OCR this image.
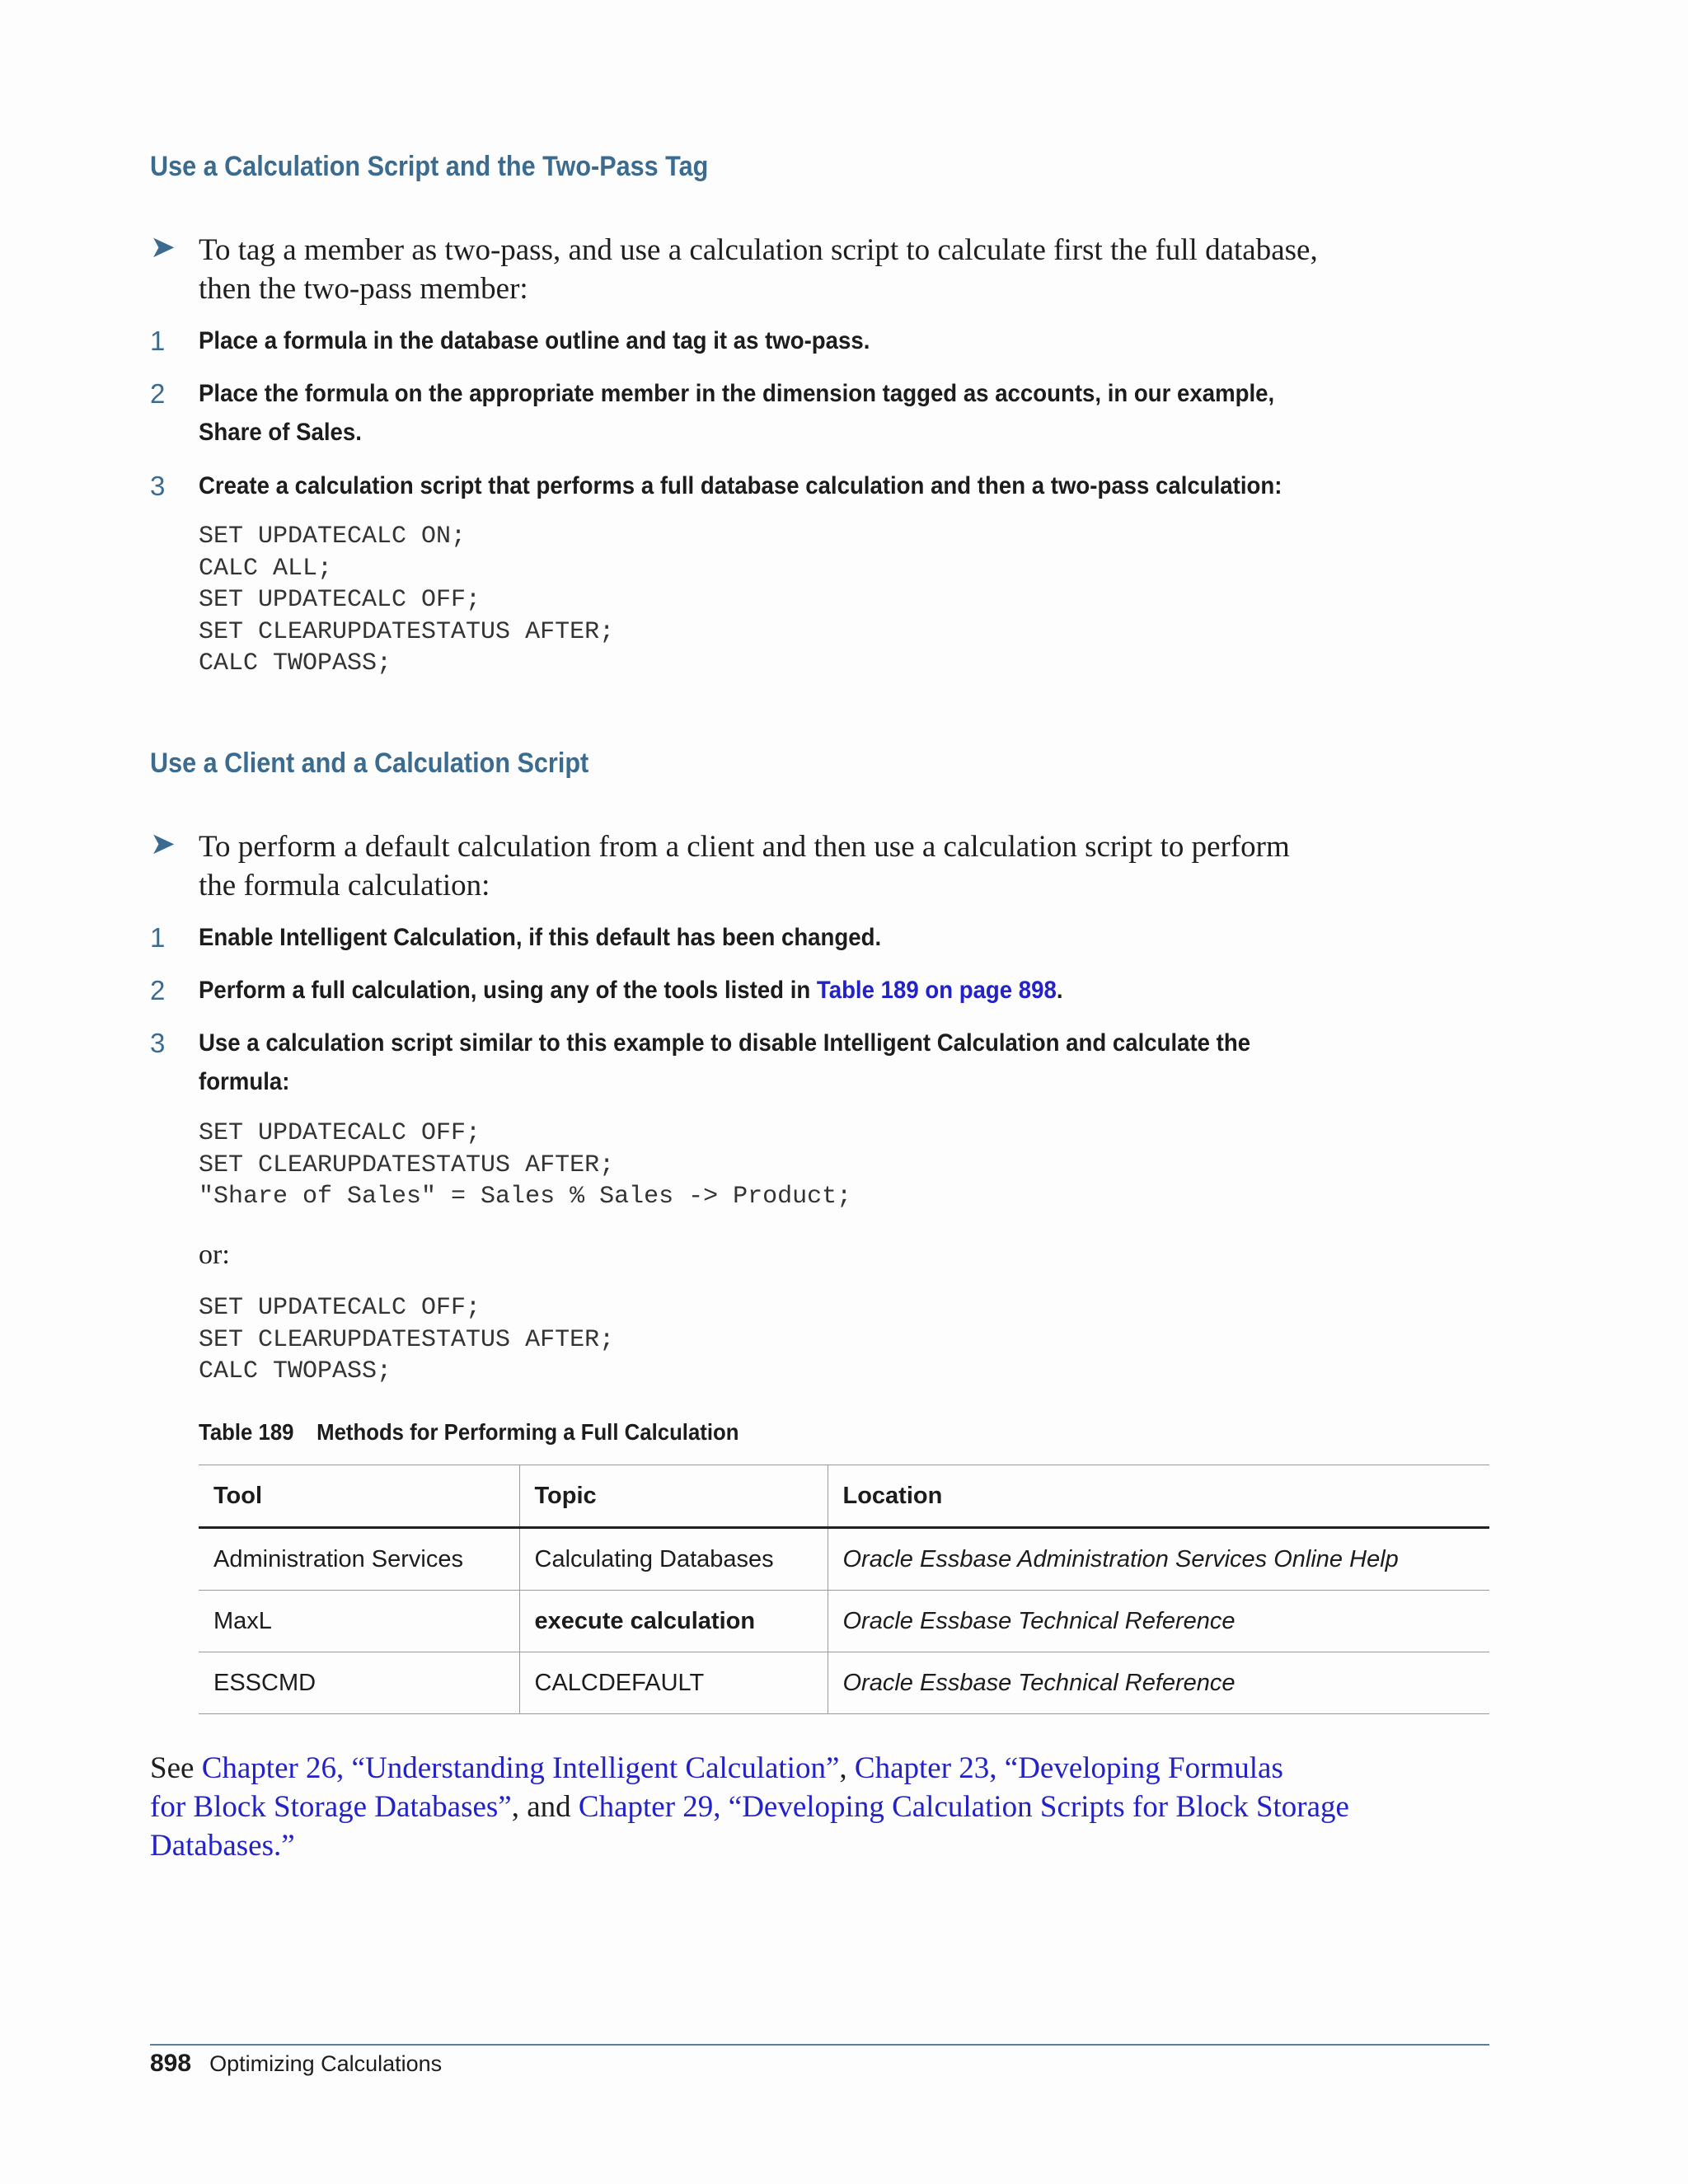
Use a Calculation Script and the Two-Pass Tag
➤ To tag a member as two-pass, and use a calculation script to calculate first the full database,
then the two-pass member:
1 Place a formula in the database outline and tag it as two-pass.
2 Place the formula on the appropriate member in the dimension tagged as accounts, in our example,
Share of Sales.
3 Create a calculation script that performs a full database calculation and then a two-pass calculation:
SET UPDATECALC ON;
CALC ALL;
SET UPDATECALC OFF;
SET CLEARUPDATESTATUS AFTER;
CALC TWOPASS;
Use a Client and a Calculation Script
➤ To perform a default calculation from a client and then use a calculation script to perform
the formula calculation:
1 Enable Intelligent Calculation, if this default has been changed.
2 Perform a full calculation, using any of the tools listed in Table 189 on page 898.
3 Use a calculation script similar to this example to disable Intelligent Calculation and calculate the
formula:
SET UPDATECALC OFF;
SET CLEARUPDATESTATUS AFTER;
"Share of Sales" = Sales % Sales -> Product;
or:
SET UPDATECALC OFF;
SET CLEARUPDATESTATUS AFTER;
CALC TWOPASS;
Table 189 Methods for Performing a Full Calculation
Tool	Topic	Location
Administration Services	Calculating Databases	Oracle Essbase Administration Services Online Help
MaxL	execute calculation	Oracle Essbase Technical Reference
ESSCMD	CALCDEFAULT	Oracle Essbase Technical Reference
See Chapter 26, “Understanding Intelligent Calculation”, Chapter 23, “Developing Formulas
for Block Storage Databases”, and Chapter 29, “Developing Calculation Scripts for Block Storage
Databases.”
898 Optimizing Calculations
